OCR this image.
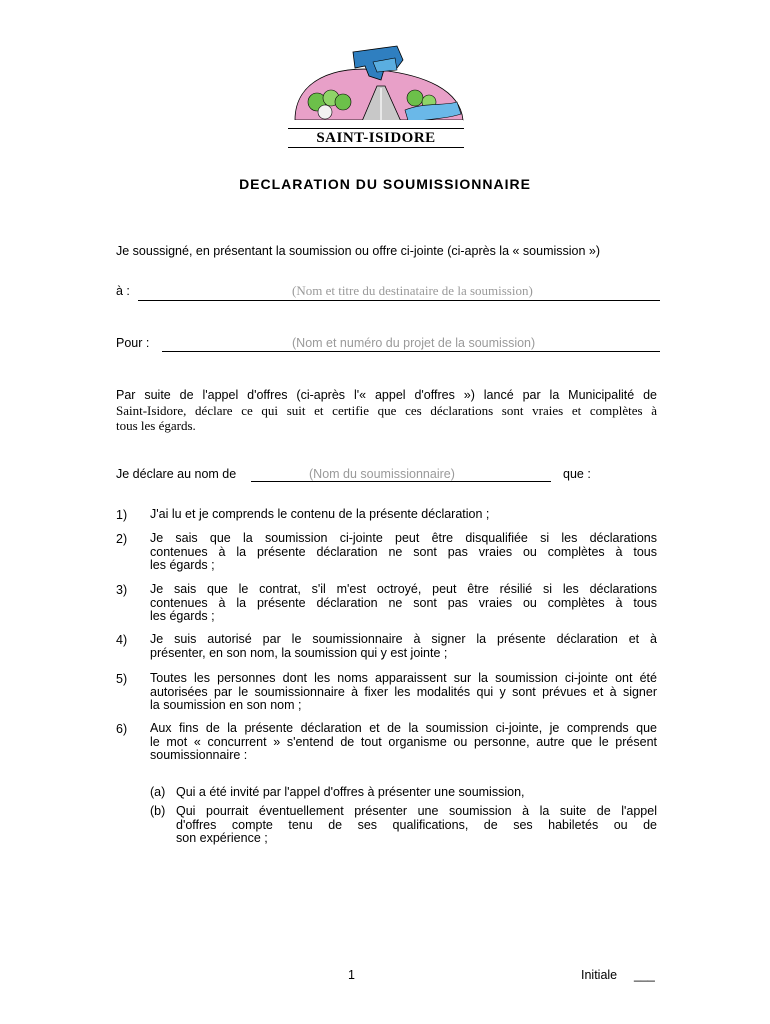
SAINT-ISIDORE
DECLARATION DU SOUMISSIONNAIRE
Je soussigné, en présentant la soumission ou offre ci-jointe (ci-après la « soumission »)
à :	(Nom et titre du destinataire de la soumission)
Pour :	(Nom et numéro du projet de la soumission)
Par suite de l'appel d'offres (ci-après l'« appel d'offres ») lancé par la Municipalité de
Saint-Isidore, déclare ce qui suit et certifie que ces déclarations sont vraies et complètes à
tous les égards.
Je déclare au nom de	(Nom du soumissionnaire)	que :
1) J'ai lu et je comprends le contenu de la présente déclaration ;
2) Je sais que la soumission ci-jointe peut être disqualifiée si les déclarations
contenues à la présente déclaration ne sont pas vraies ou complètes à tous
les égards ;
3) Je sais que le contrat, s'il m'est octroyé, peut être résilié si les déclarations
contenues à la présente déclaration ne sont pas vraies ou complètes à tous
les égards ;
4) Je suis autorisé par le soumissionnaire à signer la présente déclaration et à
présenter, en son nom, la soumission qui y est jointe ;
5) Toutes les personnes dont les noms apparaissent sur la soumission ci-jointe ont été
autorisées par le soumissionnaire à fixer les modalités qui y sont prévues et à signer
la soumission en son nom ;
6) Aux fins de la présente déclaration et de la soumission ci-jointe, je comprends que
le mot « concurrent » s'entend de tout organisme ou personne, autre que le présent
soumissionnaire :
(a) Qui a été invité par l'appel d'offres à présenter une soumission,
(b) Qui pourrait éventuellement présenter une soumission à la suite de l'appel
d'offres compte tenu de ses qualifications, de ses habiletés ou de
son expérience ;
1	Initiale ___
